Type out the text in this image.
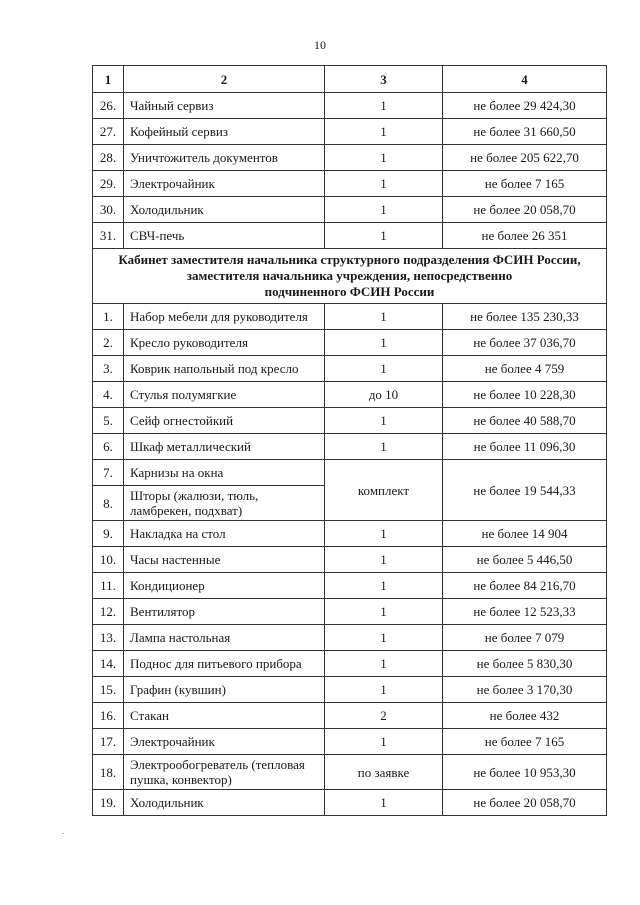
10
.
1	2	3	4
26.	Чайный сервиз	1	не более 29 424,30
27.	Кофейный сервиз	1	не более 31 660,50
28.	Уничтожитель документов	1	не более 205 622,70
29.	Электрочайник	1	не более 7 165
30.	Холодильник	1	не более 20 058,70
31.	СВЧ-печь	1	не более 26 351
Кабинет заместителя начальника структурного подразделения ФСИН России,
заместителя начальника учреждения, непосредственно
подчиненного ФСИН России			
1.	Набор мебели для руководителя	1	не более 135 230,33
2.	Кресло руководителя	1	не более 37 036,70
3.	Коврик напольный под кресло	1	не более 4 759
4.	Стулья полумягкие	до 10	не более 10 228,30
5.	Сейф огнестойкий	1	не более 40 588,70
6.	Шкаф металлический	1	не более 11 096,30
7.	Карнизы на окна	комплект	не более 19 544,33
8.	Шторы (жалюзи, тюль, ламбрекен, подхват)		
9.	Накладка на стол	1	не более 14 904
10.	Часы настенные	1	не более 5 446,50
11.	Кондиционер	1	не более 84 216,70
12.	Вентилятор	1	не более 12 523,33
13.	Лампа настольная	1	не более 7 079
14.	Поднос для питьевого прибора	1	не более 5 830,30
15.	Графин (кувшин)	1	не более 3 170,30
16.	Стакан	2	не более 432
17.	Электрочайник	1	не более 7 165
18.	Электрообогреватель (тепловая пушка, конвектор)	по заявке	не более 10 953,30
19.	Холодильник	1	не более 20 058,70
